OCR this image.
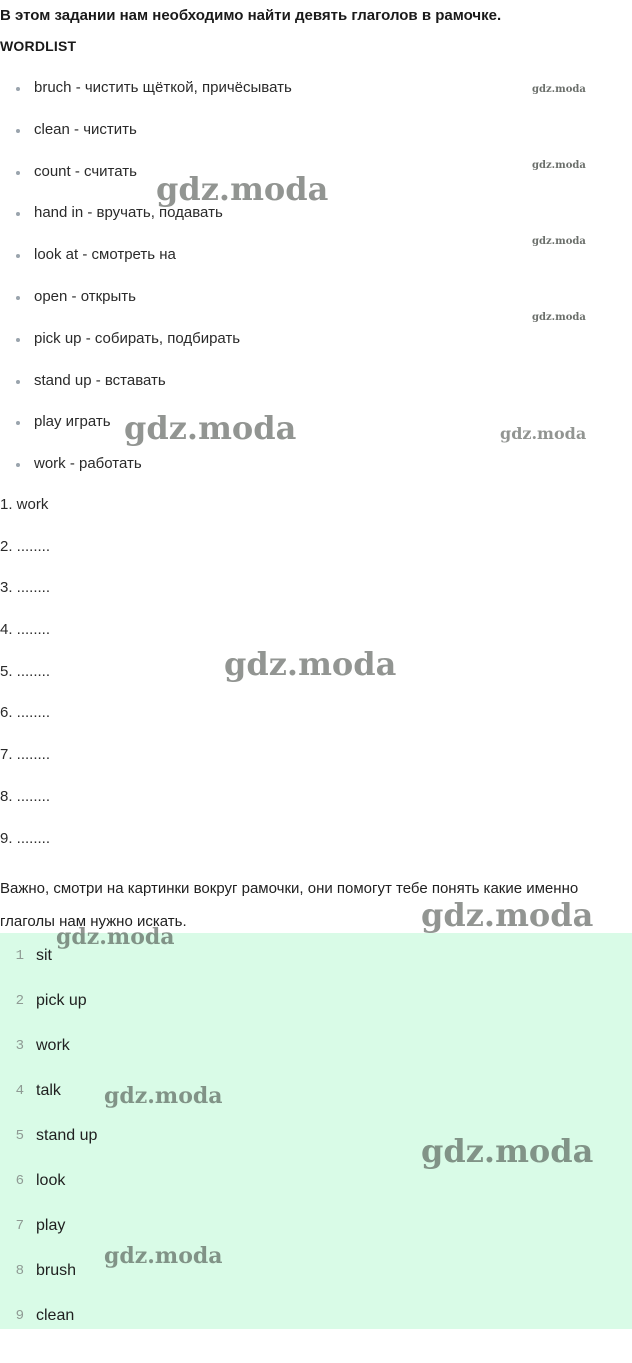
В этом задании нам необходимо найти девять глаголов в рамочке.
WORDLIST
bruch - чистить щёткой, причёсывать
clean - чистить
count - считать
hand in - вручать, подавать
look at - смотреть на
open - открыть
pick up - собирать, подбирать
stand up - вставать
play играть
work - работать
1. work
2. ........
3. ........
4. ........
5. ........
6. ........
7. ........
8. ........
9. ........
Важно, смотри на картинки вокруг рамочки, они помогут тебе понять какие именно глаголы нам нужно искать.
1 sit
2 pick up
3 work
4 talk
5 stand up
6 look
7 play
8 brush
9 clean
gdz.moda
gdz.moda
gdz.moda
gdz.moda
gdz.moda
gdz.moda	gdz.moda
gdz.moda
gdz.moda
gdz.moda
gdz.moda
gdz.moda
gdz.moda
